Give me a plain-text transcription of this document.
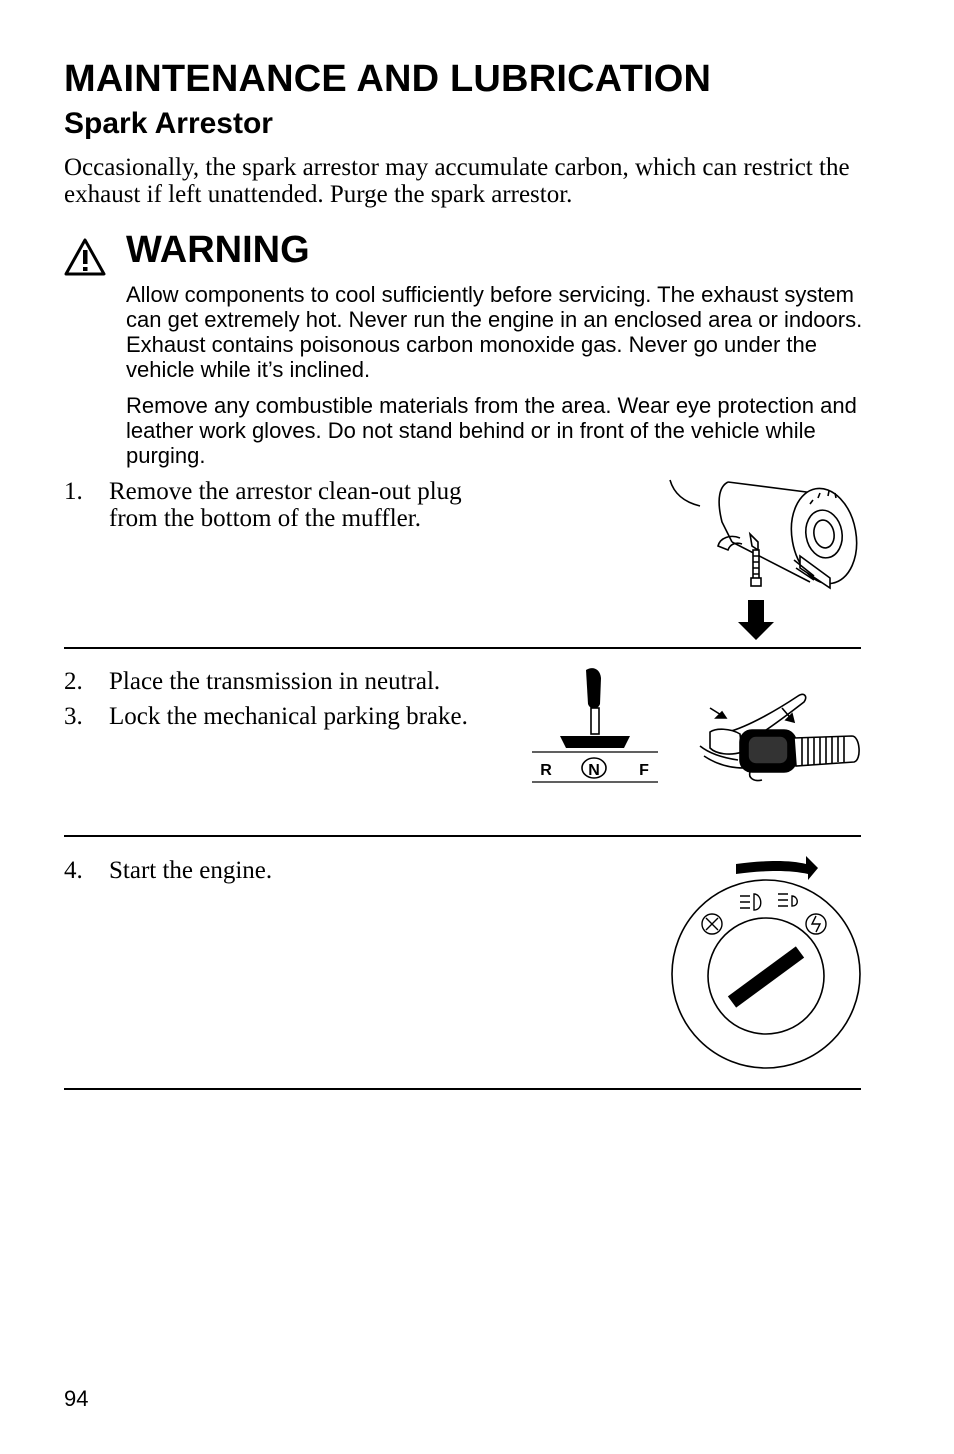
MAINTENANCE AND LUBRICATION
Spark Arrestor

Occasionally, the spark arrestor may accumulate carbon, which can restrict the exhaust if left unattended. Purge the spark arrestor.

WARNING

Allow components to cool sufficiently before servicing. The exhaust system can get extremely hot. Never run the engine in an enclosed area or indoors. Exhaust contains poisonous carbon monoxide gas. Never go under the vehicle while it’s inclined.

Remove any combustible materials from the area. Wear eye protection and leather work gloves. Do not stand behind or in front of the vehicle while purging.

1.	Remove the arrestor clean-out plug from the bottom of the muffler.
2.	Place the transmission in neutral.
3.	Lock the mechanical parking brake.
R N F
4.	Start the engine.

94
